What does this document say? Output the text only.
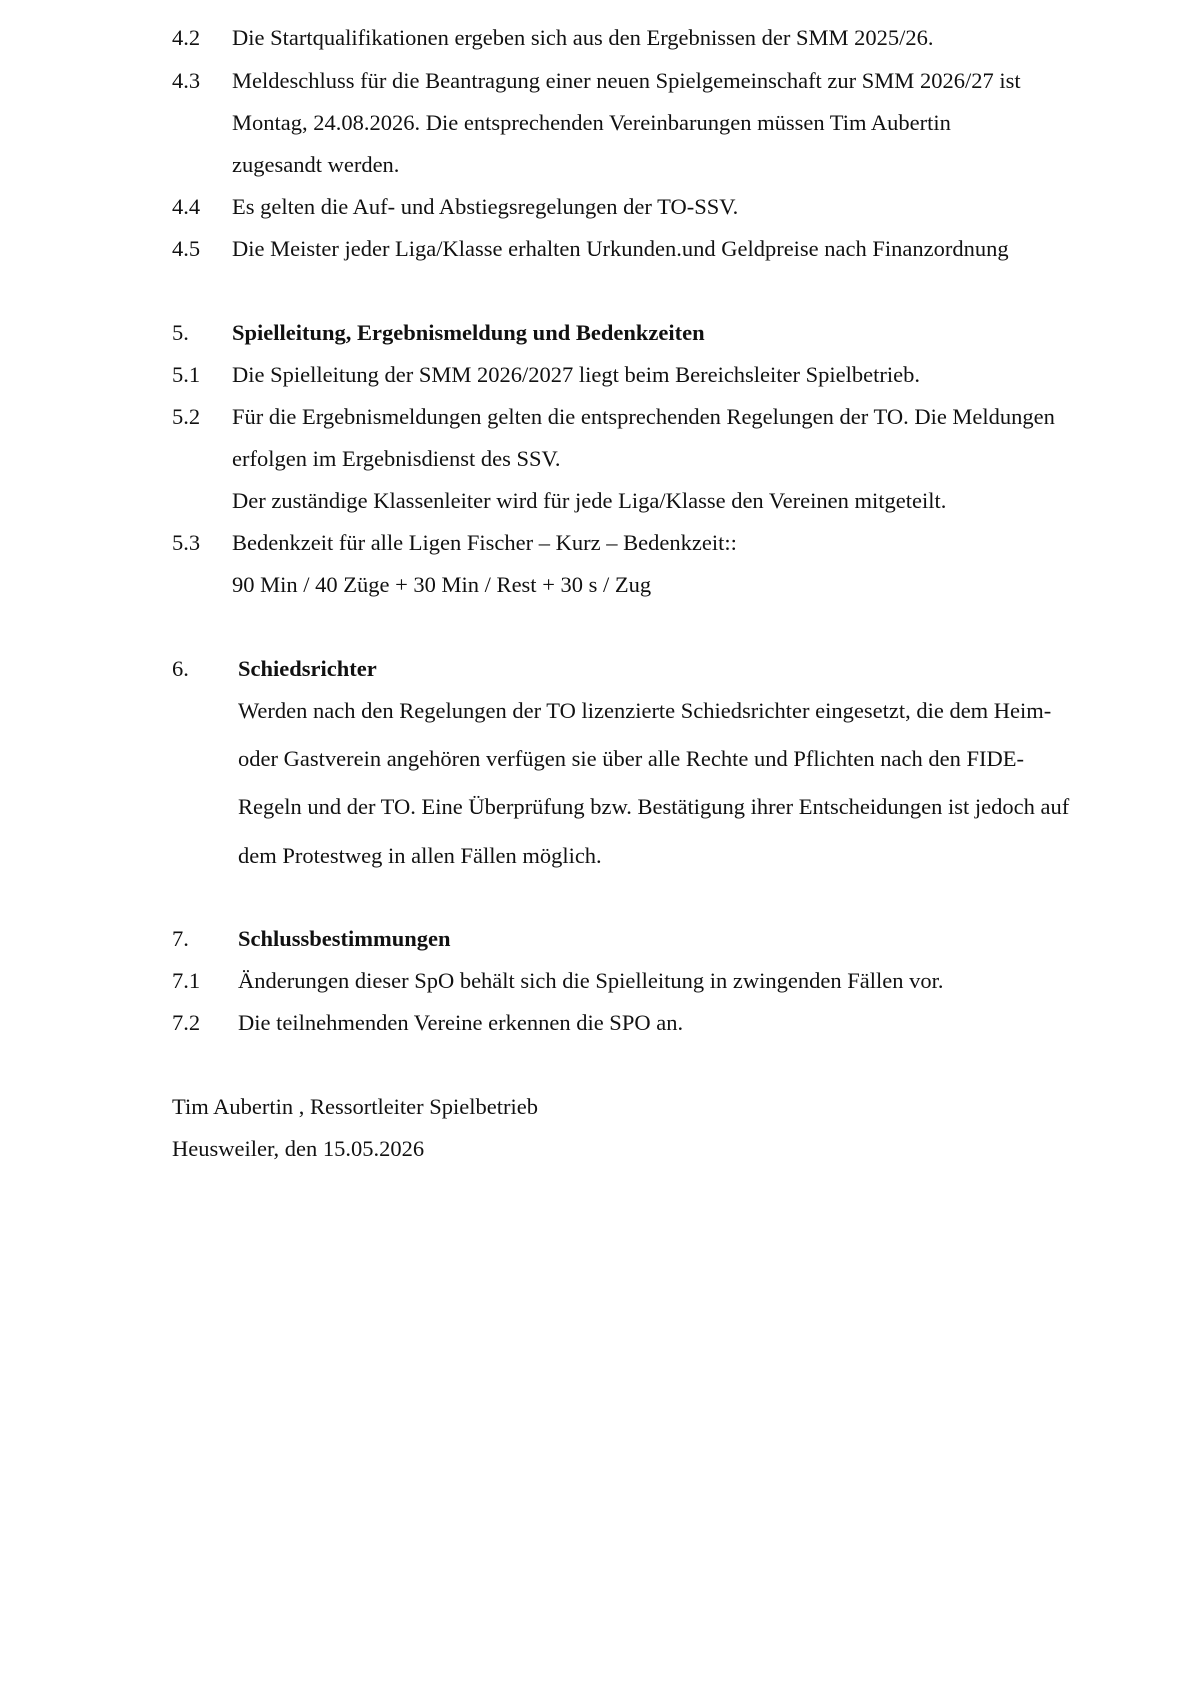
4.2 Die Startqualifikationen ergeben sich aus den Ergebnissen der SMM 2025/26.
4.3 Meldeschluss für die Beantragung einer neuen Spielgemeinschaft zur SMM 2026/27 ist
Montag, 24.08.2026. Die entsprechenden Vereinbarungen müssen Tim Aubertin
zugesandt werden.
4.4 Es gelten die Auf- und Abstiegsregelungen der TO-SSV.
4.5 Die Meister jeder Liga/Klasse erhalten Urkunden.und Geldpreise nach Finanzordnung
5. Spielleitung, Ergebnismeldung und Bedenkzeiten
5.1 Die Spielleitung der SMM 2026/2027 liegt beim Bereichsleiter Spielbetrieb.
5.2 Für die Ergebnismeldungen gelten die entsprechenden Regelungen der TO. Die Meldungen
erfolgen im Ergebnisdienst des SSV.
Der zuständige Klassenleiter wird für jede Liga/Klasse den Vereinen mitgeteilt.
5.3 Bedenkzeit für alle Ligen Fischer – Kurz – Bedenkzeit::
90 Min / 40 Züge + 30 Min / Rest + 30 s / Zug
6. Schiedsrichter
Werden nach den Regelungen der TO lizenzierte Schiedsrichter eingesetzt, die dem Heim-
oder Gastverein angehören verfügen sie über alle Rechte und Pflichten nach den FIDE-
Regeln und der TO. Eine Überprüfung bzw. Bestätigung ihrer Entscheidungen ist jedoch auf
dem Protestweg in allen Fällen möglich.
7. Schlussbestimmungen
7.1 Änderungen dieser SpO behält sich die Spielleitung in zwingenden Fällen vor.
7.2 Die teilnehmenden Vereine erkennen die SPO an.
Tim Aubertin , Ressortleiter Spielbetrieb
Heusweiler, den 15.05.2026
